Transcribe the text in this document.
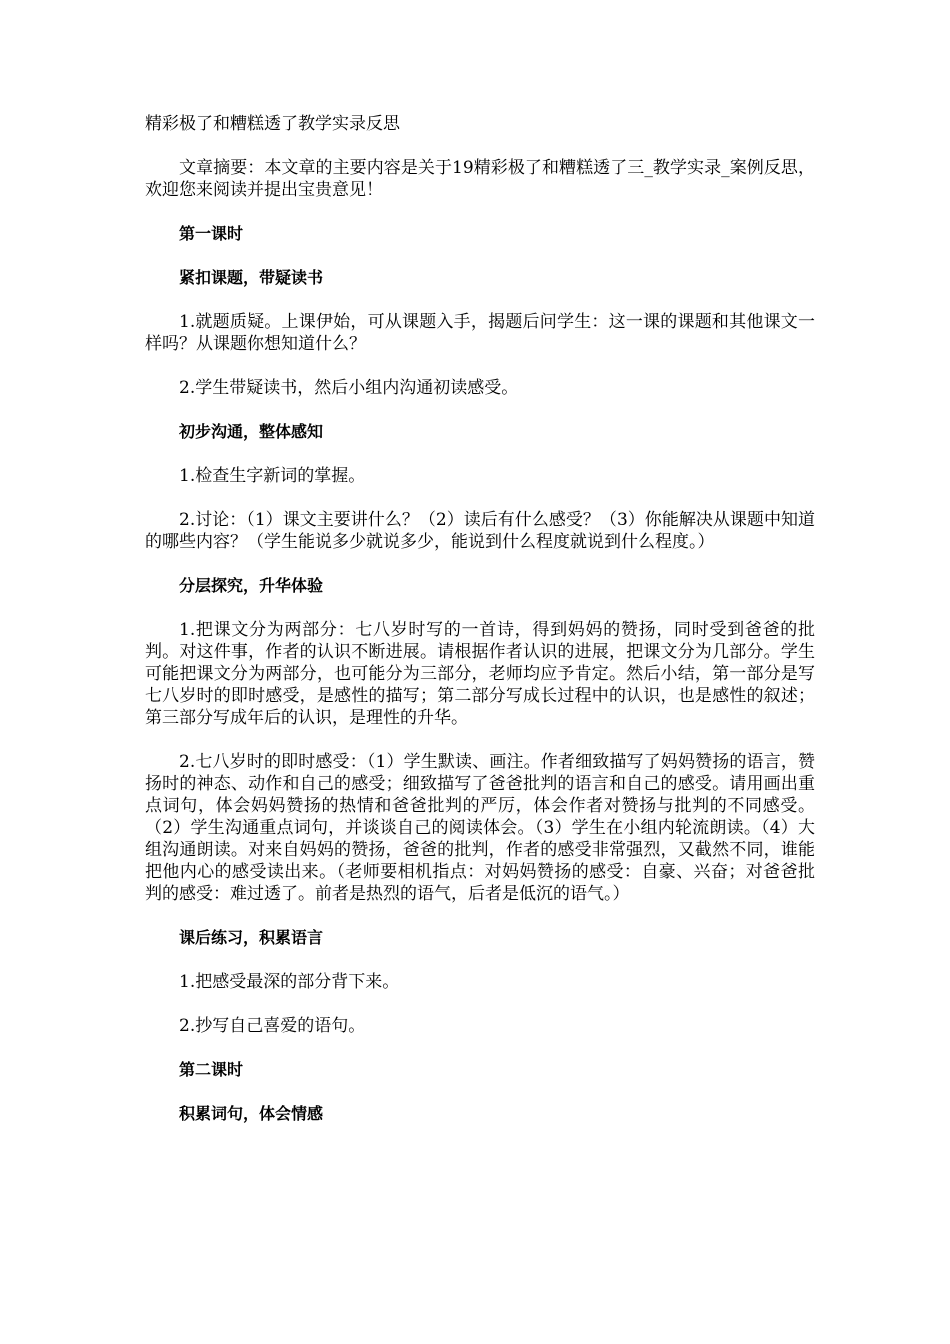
精彩极了和糟糕透了教学实录反思

文章摘要：本文章的主要内容是关于19精彩极了和糟糕透了三_教学实录_案例反思，欢迎您来阅读并提出宝贵意见！

第一课时

紧扣课题，带疑读书

1.就题质疑。上课伊始，可从课题入手，揭题后问学生：这一课的课题和其他课文一样吗？从课题你想知道什么？

2.学生带疑读书，然后小组内沟通初读感受。

初步沟通，整体感知

1.检查生字新词的掌握。

2.讨论：（1）课文主要讲什么？（2）读后有什么感受？（3）你能解决从课题中知道的哪些内容？（学生能说多少就说多少，能说到什么程度就说到什么程度。）

分层探究，升华体验

1.把课文分为两部分：七八岁时写的一首诗，得到妈妈的赞扬，同时受到爸爸的批判。对这件事，作者的认识不断进展。请根据作者认识的进展，把课文分为几部分。学生可能把课文分为两部分，也可能分为三部分，老师均应予肯定。然后小结，第一部分是写七八岁时的即时感受，是感性的描写；第二部分写成长过程中的认识，也是感性的叙述；第三部分写成年后的认识，是理性的升华。

2.七八岁时的即时感受：（1）学生默读、画注。作者细致描写了妈妈赞扬的语言，赞扬时的神态、动作和自己的感受；细致描写了爸爸批判的语言和自己的感受。请用画出重点词句，体会妈妈赞扬的热情和爸爸批判的严厉，体会作者对赞扬与批判的不同感受。（2）学生沟通重点词句，并谈谈自己的阅读体会。（3）学生在小组内轮流朗读。（4）大组沟通朗读。对来自妈妈的赞扬，爸爸的批判，作者的感受非常强烈，又截然不同，谁能把他内心的感受读出来。（老师要相机指点：对妈妈赞扬的感受：自豪、兴奋；对爸爸批判的感受：难过透了。前者是热烈的语气，后者是低沉的语气。）

课后练习，积累语言

1.把感受最深的部分背下来。

2.抄写自己喜爱的语句。

第二课时

积累词句，体会情感
